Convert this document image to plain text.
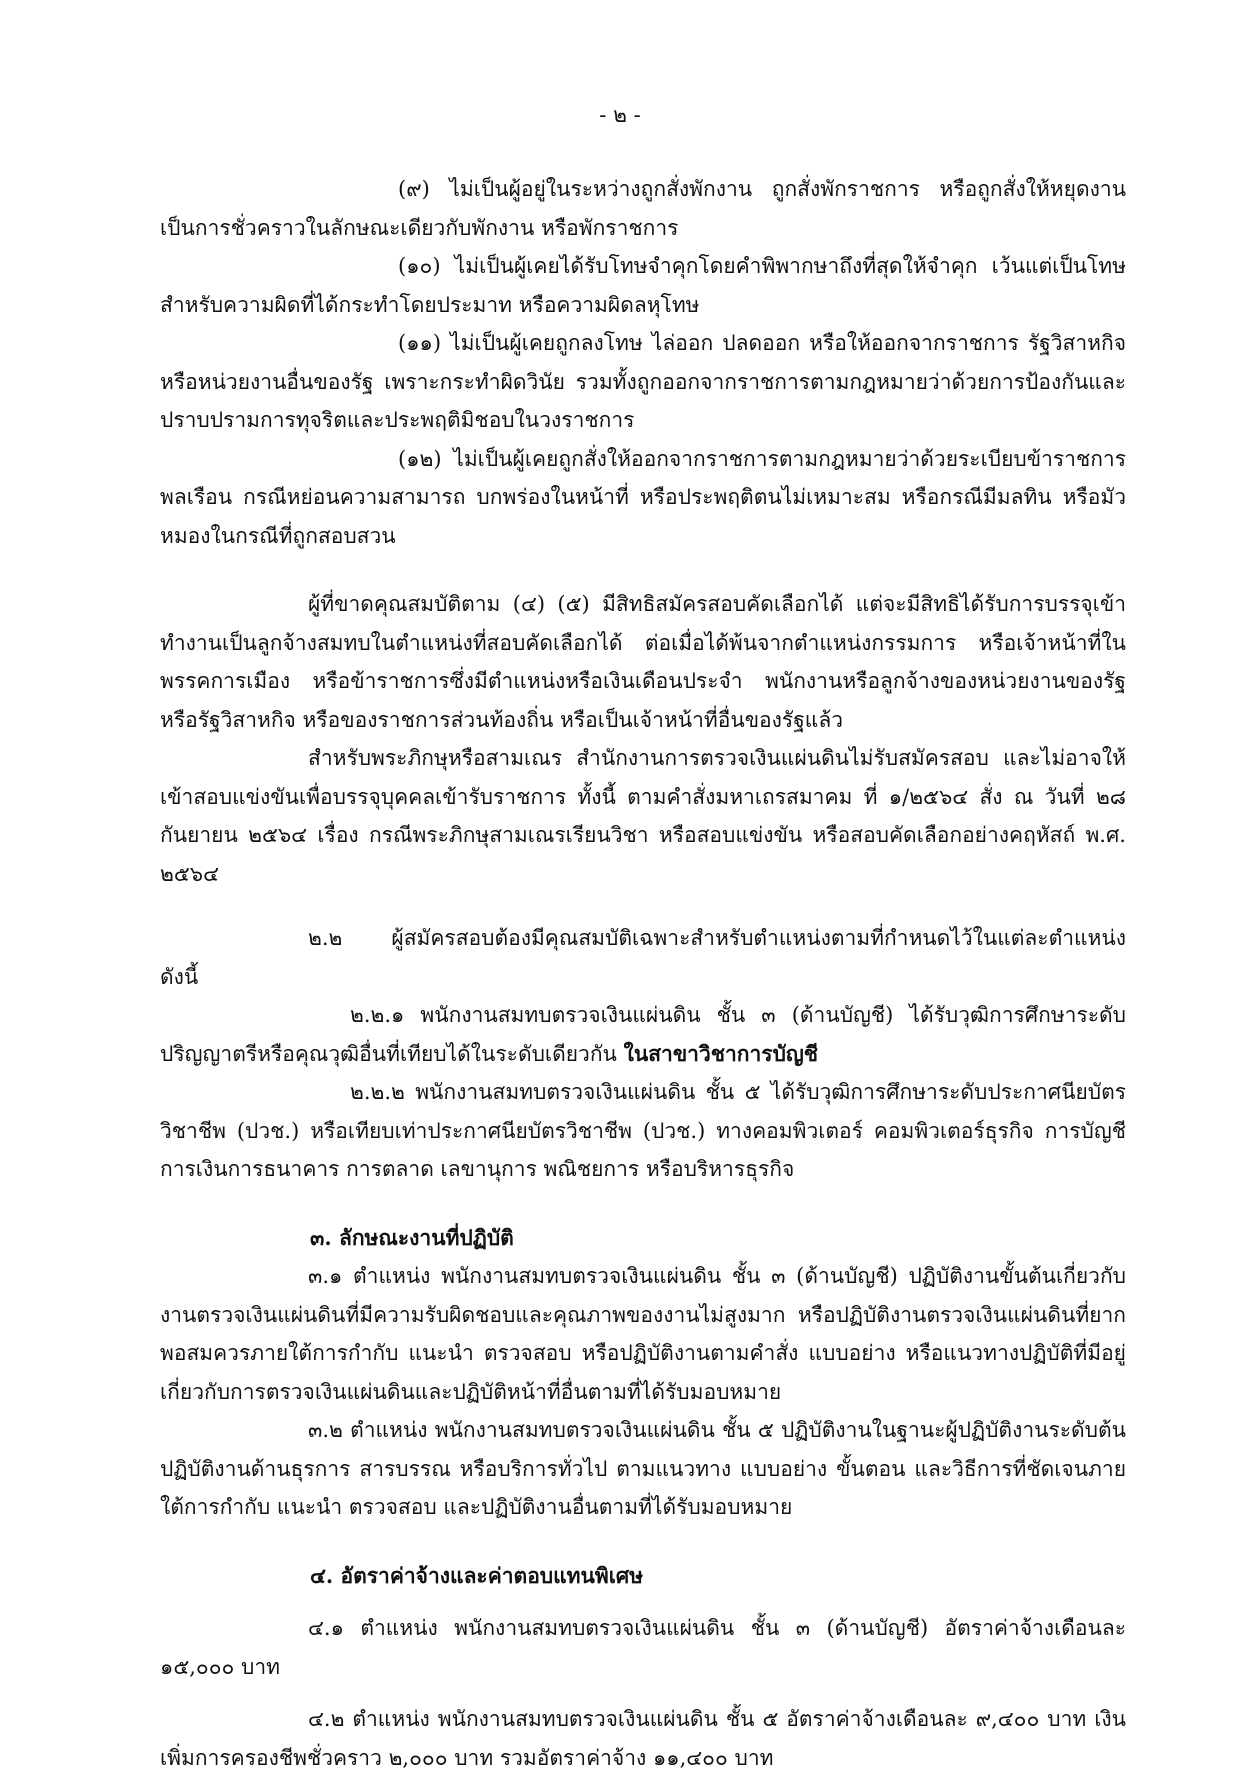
- ๒ -

(๙) ไม่เป็นผู้อยู่ในระหว่างถูกสั่งพักงาน ถูกสั่งพักราชการ หรือถูกสั่งให้หยุดงาน เป็นการชั่วคราวในลักษณะเดียวกับพักงาน หรือพักราชการ

(๑๐) ไม่เป็นผู้เคยได้รับโทษจำคุกโดยคำพิพากษาถึงที่สุดให้จำคุก เว้นแต่เป็นโทษสำหรับความผิดที่ได้กระทำโดยประมาท หรือความผิดลหุโทษ

(๑๑) ไม่เป็นผู้เคยถูกลงโทษ ไล่ออก ปลดออก หรือให้ออกจากราชการ รัฐวิสาหกิจ หรือหน่วยงานอื่นของรัฐ เพราะกระทำผิดวินัย รวมทั้งถูกออกจากราชการตามกฎหมายว่าด้วยการป้องกันและปราบปรามการทุจริตและประพฤติมิชอบในวงราชการ

(๑๒) ไม่เป็นผู้เคยถูกสั่งให้ออกจากราชการตามกฎหมายว่าด้วยระเบียบข้าราชการพลเรือน กรณีหย่อนความสามารถ บกพร่องในหน้าที่ หรือประพฤติตนไม่เหมาะสม หรือกรณีมีมลทิน หรือมัวหมองในกรณีที่ถูกสอบสวน

ผู้ที่ขาดคุณสมบัติตาม (๔) (๕) มีสิทธิสมัครสอบคัดเลือกได้ แต่จะมีสิทธิได้รับการบรรจุเข้าทำงานเป็นลูกจ้างสมทบในตำแหน่งที่สอบคัดเลือกได้ ต่อเมื่อได้พ้นจากตำแหน่งกรรมการ หรือเจ้าหน้าที่ในพรรคการเมือง หรือข้าราชการซึ่งมีตำแหน่งหรือเงินเดือนประจำ พนักงานหรือลูกจ้างของหน่วยงานของรัฐหรือรัฐวิสาหกิจ หรือของราชการส่วนท้องถิ่น หรือเป็นเจ้าหน้าที่อื่นของรัฐแล้ว

สำหรับพระภิกษุหรือสามเณร สำนักงานการตรวจเงินแผ่นดินไม่รับสมัครสอบ และไม่อาจให้เข้าสอบแข่งขันเพื่อบรรจุบุคคลเข้ารับราชการ ทั้งนี้ ตามคำสั่งมหาเถรสมาคม ที่ ๑/๒๕๖๔ สั่ง ณ วันที่ ๒๘ กันยายน ๒๕๖๔ เรื่อง กรณีพระภิกษุสามเณรเรียนวิชา หรือสอบแข่งขัน หรือสอบคัดเลือกอย่างคฤหัสถ์ พ.ศ. ๒๕๖๔

๒.๒ ผู้สมัครสอบต้องมีคุณสมบัติเฉพาะสำหรับตำแหน่งตามที่กำหนดไว้ในแต่ละตำแหน่ง ดังนี้

๒.๒.๑ พนักงานสมทบตรวจเงินแผ่นดิน ชั้น ๓ (ด้านบัญชี) ได้รับวุฒิการศึกษาระดับปริญญาตรีหรือคุณวุฒิอื่นที่เทียบได้ในระดับเดียวกัน ในสาขาวิชาการบัญชี

๒.๒.๒ พนักงานสมทบตรวจเงินแผ่นดิน ชั้น ๕ ได้รับวุฒิการศึกษาระดับประกาศนียบัตรวิชาชีพ (ปวช.) หรือเทียบเท่าประกาศนียบัตรวิชาชีพ (ปวช.) ทางคอมพิวเตอร์ คอมพิวเตอร์ธุรกิจ การบัญชี การเงินการธนาคาร การตลาด เลขานุการ พณิชยการ หรือบริหารธุรกิจ

๓. ลักษณะงานที่ปฏิบัติ

๓.๑ ตำแหน่ง พนักงานสมทบตรวจเงินแผ่นดิน ชั้น ๓ (ด้านบัญชี) ปฏิบัติงานขั้นต้นเกี่ยวกับงานตรวจเงินแผ่นดินที่มีความรับผิดชอบและคุณภาพของงานไม่สูงมาก หรือปฏิบัติงานตรวจเงินแผ่นดินที่ยากพอสมควรภายใต้การกำกับ แนะนำ ตรวจสอบ หรือปฏิบัติงานตามคำสั่ง แบบอย่าง หรือแนวทางปฏิบัติที่มีอยู่เกี่ยวกับการตรวจเงินแผ่นดินและปฏิบัติหน้าที่อื่นตามที่ได้รับมอบหมาย

๓.๒ ตำแหน่ง พนักงานสมทบตรวจเงินแผ่นดิน ชั้น ๕ ปฏิบัติงานในฐานะผู้ปฏิบัติงานระดับต้น ปฏิบัติงานด้านธุรการ สารบรรณ หรือบริการทั่วไป ตามแนวทาง แบบอย่าง ขั้นตอน และวิธีการที่ชัดเจนภายใต้การกำกับ แนะนำ ตรวจสอบ และปฏิบัติงานอื่นตามที่ได้รับมอบหมาย

๔. อัตราค่าจ้างและค่าตอบแทนพิเศษ

๔.๑ ตำแหน่ง พนักงานสมทบตรวจเงินแผ่นดิน ชั้น ๓ (ด้านบัญชี) อัตราค่าจ้างเดือนละ ๑๕,๐๐๐ บาท

๔.๒ ตำแหน่ง พนักงานสมทบตรวจเงินแผ่นดิน ชั้น ๕ อัตราค่าจ้างเดือนละ ๙,๔๐๐ บาท เงินเพิ่มการครองชีพชั่วคราว ๒,๐๐๐ บาท รวมอัตราค่าจ้าง ๑๑,๔๐๐ บาท
